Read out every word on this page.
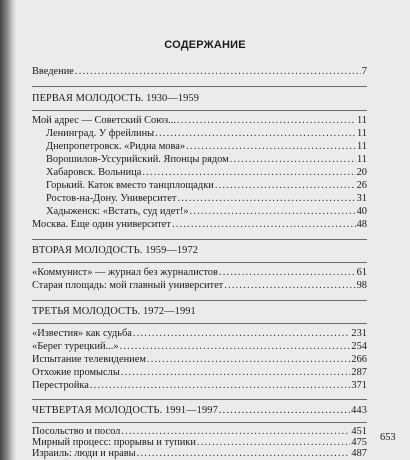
СОДЕРЖАНИЕ
Введение .....	7
ПЕРВАЯ МОЛОДОСТЬ. 1930—1959
Мой адрес — Советский Союз... .....	11
Ленинград. У фрейлины .....	11
Днепропетровск. «Ридна мова» .....	11
Ворошилов-Уссурийский. Японцы рядом .....	11
Хабаровск. Вольница .....	20
Горький. Каток вместо танцплощадки .....	26
Ростов-на-Дону. Университет .....	31
Хадыженск: «Встать, суд идет!» .....	40
Москва. Еще один университет .....	48
ВТОРАЯ МОЛОДОСТЬ. 1959—1972
«Коммунист» — журнал без журналистов .....	61
Старая площадь: мой главный университет .....	98
ТРЕТЬЯ МОЛОДОСТЬ. 1972—1991
«Известия» как судьба .....	231
«Берег турецкий...» .....	254
Испытание телевидением .....	266
Отхожие промыслы .....	287
Перестройка .....	371
ЧЕТВЕРТАЯ МОЛОДОСТЬ. 1991—1997 .....	443
Посольство и посол .....	451
Мирный процесс: прорывы и тупики .....	475
Израиль: люди и нравы .....	487
.....
653
